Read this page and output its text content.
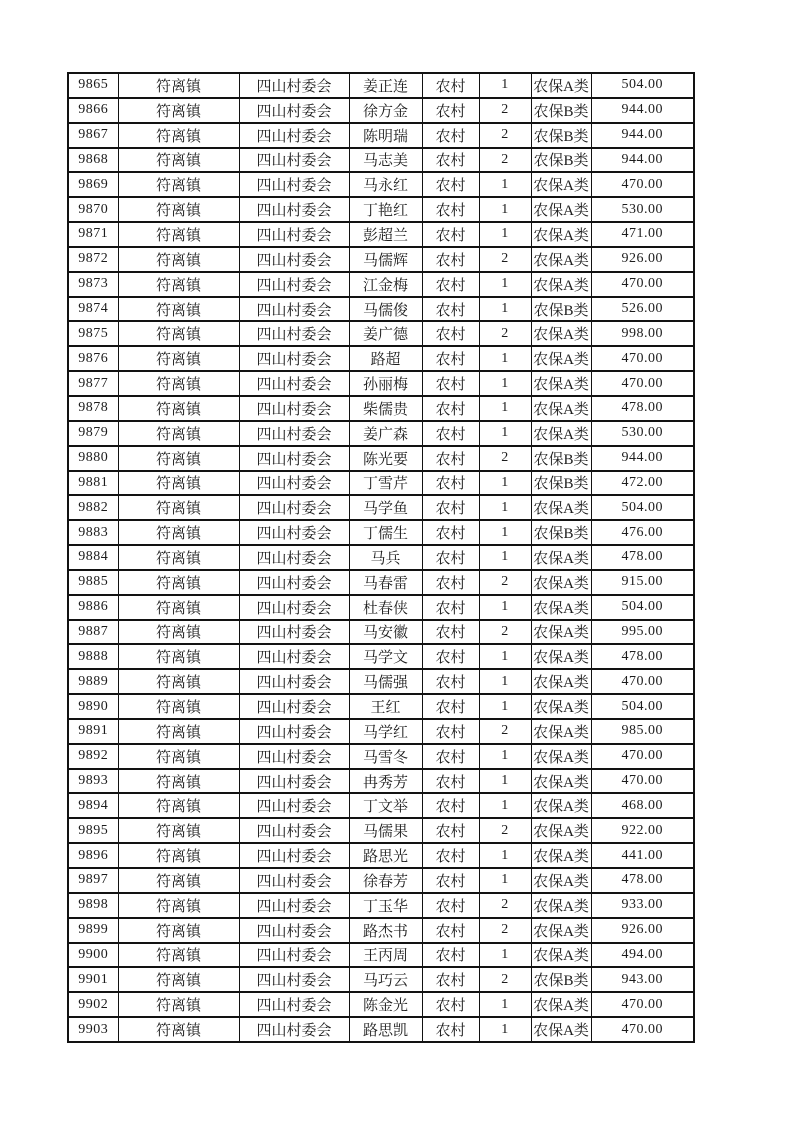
9865	符离镇	四山村委会	姜正连	农村	1	农保A类	504.00
9866	符离镇	四山村委会	徐方金	农村	2	农保B类	944.00
9867	符离镇	四山村委会	陈明瑞	农村	2	农保B类	944.00
9868	符离镇	四山村委会	马志美	农村	2	农保B类	944.00
9869	符离镇	四山村委会	马永红	农村	1	农保A类	470.00
9870	符离镇	四山村委会	丁艳红	农村	1	农保A类	530.00
9871	符离镇	四山村委会	彭超兰	农村	1	农保A类	471.00
9872	符离镇	四山村委会	马儒辉	农村	2	农保A类	926.00
9873	符离镇	四山村委会	江金梅	农村	1	农保A类	470.00
9874	符离镇	四山村委会	马儒俊	农村	1	农保B类	526.00
9875	符离镇	四山村委会	姜广德	农村	2	农保A类	998.00
9876	符离镇	四山村委会	路超	农村	1	农保A类	470.00
9877	符离镇	四山村委会	孙丽梅	农村	1	农保A类	470.00
9878	符离镇	四山村委会	柴儒贵	农村	1	农保A类	478.00
9879	符离镇	四山村委会	姜广森	农村	1	农保A类	530.00
9880	符离镇	四山村委会	陈光要	农村	2	农保B类	944.00
9881	符离镇	四山村委会	丁雪芹	农村	1	农保B类	472.00
9882	符离镇	四山村委会	马学鱼	农村	1	农保A类	504.00
9883	符离镇	四山村委会	丁儒生	农村	1	农保B类	476.00
9884	符离镇	四山村委会	马兵	农村	1	农保A类	478.00
9885	符离镇	四山村委会	马春雷	农村	2	农保A类	915.00
9886	符离镇	四山村委会	杜春侠	农村	1	农保A类	504.00
9887	符离镇	四山村委会	马安徽	农村	2	农保A类	995.00
9888	符离镇	四山村委会	马学文	农村	1	农保A类	478.00
9889	符离镇	四山村委会	马儒强	农村	1	农保A类	470.00
9890	符离镇	四山村委会	王红	农村	1	农保A类	504.00
9891	符离镇	四山村委会	马学红	农村	2	农保A类	985.00
9892	符离镇	四山村委会	马雪冬	农村	1	农保A类	470.00
9893	符离镇	四山村委会	冉秀芳	农村	1	农保A类	470.00
9894	符离镇	四山村委会	丁文举	农村	1	农保A类	468.00
9895	符离镇	四山村委会	马儒果	农村	2	农保A类	922.00
9896	符离镇	四山村委会	路思光	农村	1	农保A类	441.00
9897	符离镇	四山村委会	徐春芳	农村	1	农保A类	478.00
9898	符离镇	四山村委会	丁玉华	农村	2	农保A类	933.00
9899	符离镇	四山村委会	路杰书	农村	2	农保A类	926.00
9900	符离镇	四山村委会	王丙周	农村	1	农保A类	494.00
9901	符离镇	四山村委会	马巧云	农村	2	农保B类	943.00
9902	符离镇	四山村委会	陈金光	农村	1	农保A类	470.00
9903	符离镇	四山村委会	路思凯	农村	1	农保A类	470.00
